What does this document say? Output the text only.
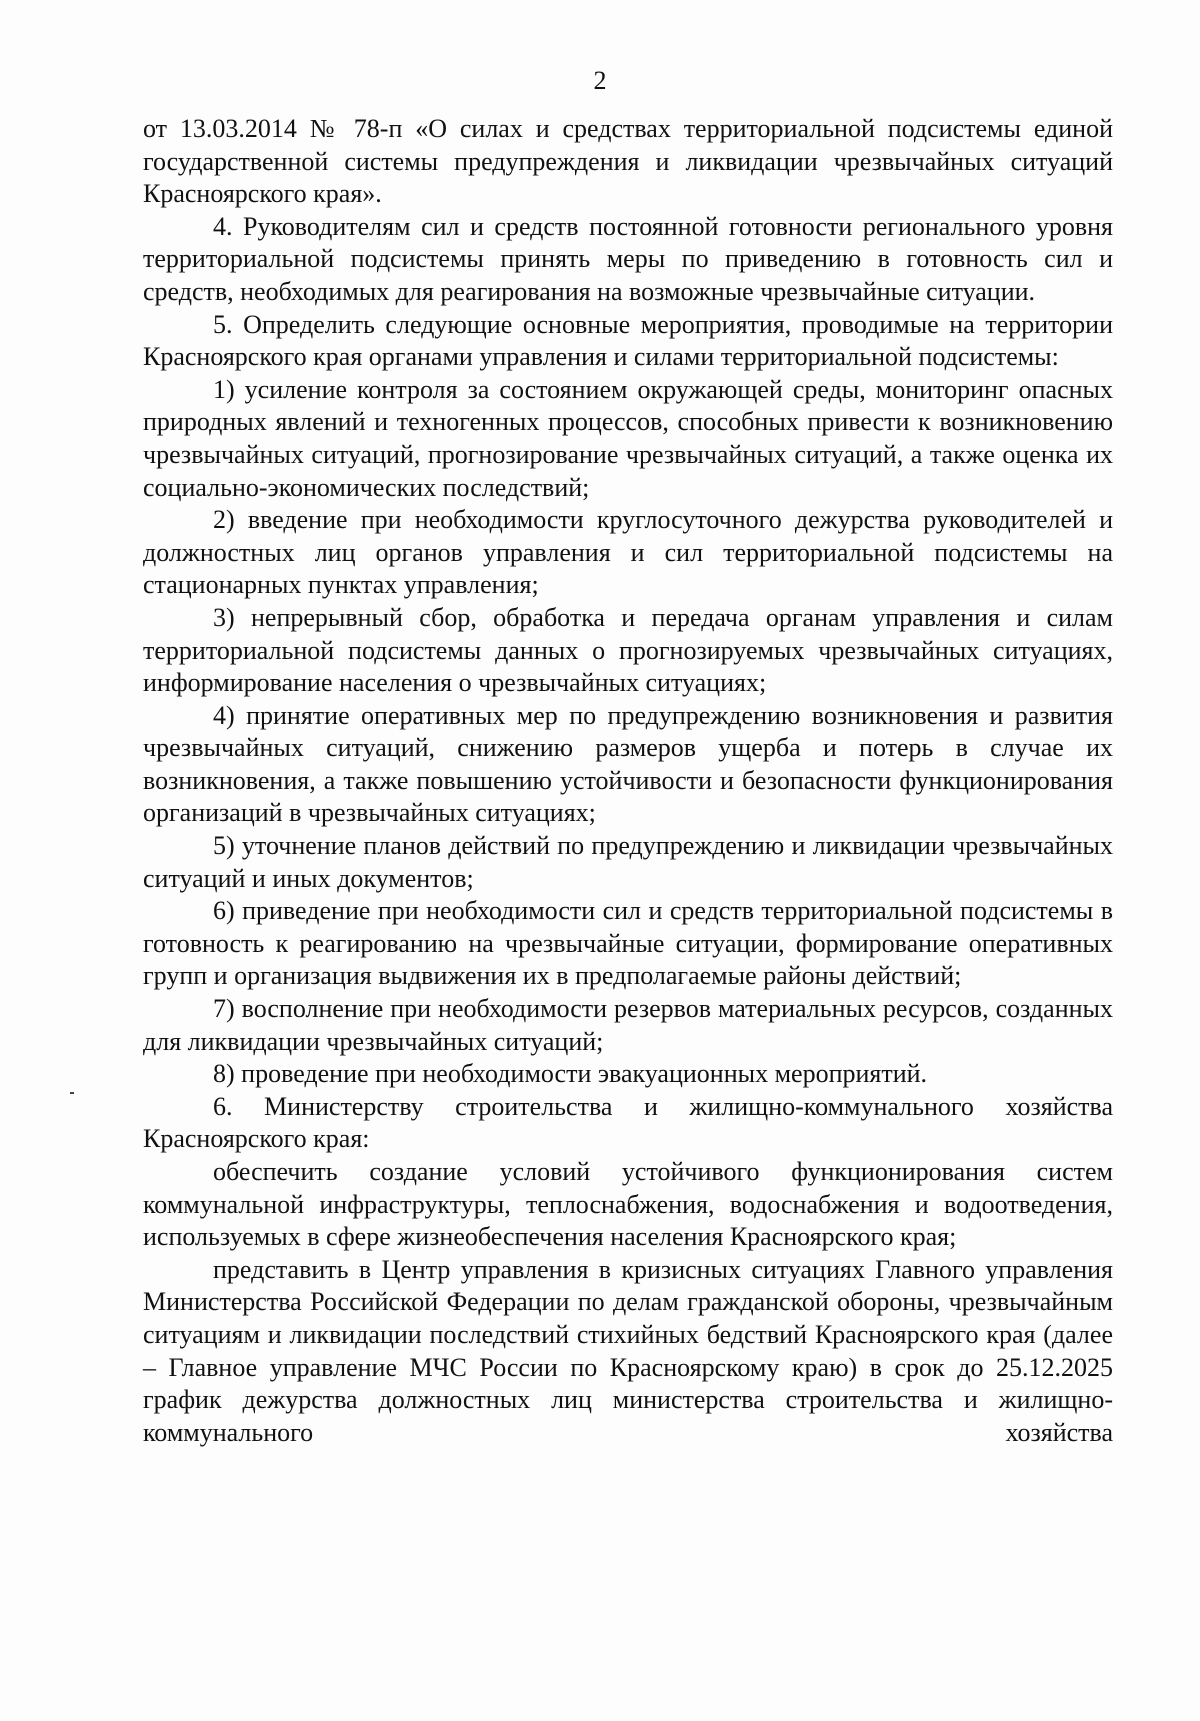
2

от 13.03.2014 № 78-п «О силах и средствах территориальной подсистемы единой государственной системы предупреждения и ликвидации чрезвычайных ситуаций Красноярского края».

4. Руководителям сил и средств постоянной готовности регионального уровня территориальной подсистемы принять меры по приведению в готовность сил и средств, необходимых для реагирования на возможные чрезвычайные ситуации.

5. Определить следующие основные мероприятия, проводимые на территории Красноярского края органами управления и силами территориальной подсистемы:

1) усиление контроля за состоянием окружающей среды, мониторинг опасных природных явлений и техногенных процессов, способных привести к возникновению чрезвычайных ситуаций, прогнозирование чрезвычайных ситуаций, а также оценка их социально-экономических последствий;

2) введение при необходимости круглосуточного дежурства руководителей и должностных лиц органов управления и сил территориальной подсистемы на стационарных пунктах управления;

3) непрерывный сбор, обработка и передача органам управления и силам территориальной подсистемы данных о прогнозируемых чрезвычайных ситуациях, информирование населения о чрезвычайных ситуациях;

4) принятие оперативных мер по предупреждению возникновения и развития чрезвычайных ситуаций, снижению размеров ущерба и потерь в случае их возникновения, а также повышению устойчивости и безопасности функционирования организаций в чрезвычайных ситуациях;

5) уточнение планов действий по предупреждению и ликвидации чрезвычайных ситуаций и иных документов;

6) приведение при необходимости сил и средств территориальной подсистемы в готовность к реагированию на чрезвычайные ситуации, формирование оперативных групп и организация выдвижения их в предполагаемые районы действий;

7) восполнение при необходимости резервов материальных ресурсов, созданных для ликвидации чрезвычайных ситуаций;

8) проведение при необходимости эвакуационных мероприятий.

6. Министерству строительства и жилищно-коммунального хозяйства Красноярского края:

обеспечить создание условий устойчивого функционирования систем коммунальной инфраструктуры, теплоснабжения, водоснабжения и водоотведения, используемых в сфере жизнеобеспечения населения Красноярского края;

представить в Центр управления в кризисных ситуациях Главного управления Министерства Российской Федерации по делам гражданской обороны, чрезвычайным ситуациям и ликвидации последствий стихийных бедствий Красноярского края (далее – Главное управление МЧС России по Красноярскому краю) в срок до 25.12.2025 график дежурства должностных лиц министерства строительства и жилищно-коммунального хозяйства
